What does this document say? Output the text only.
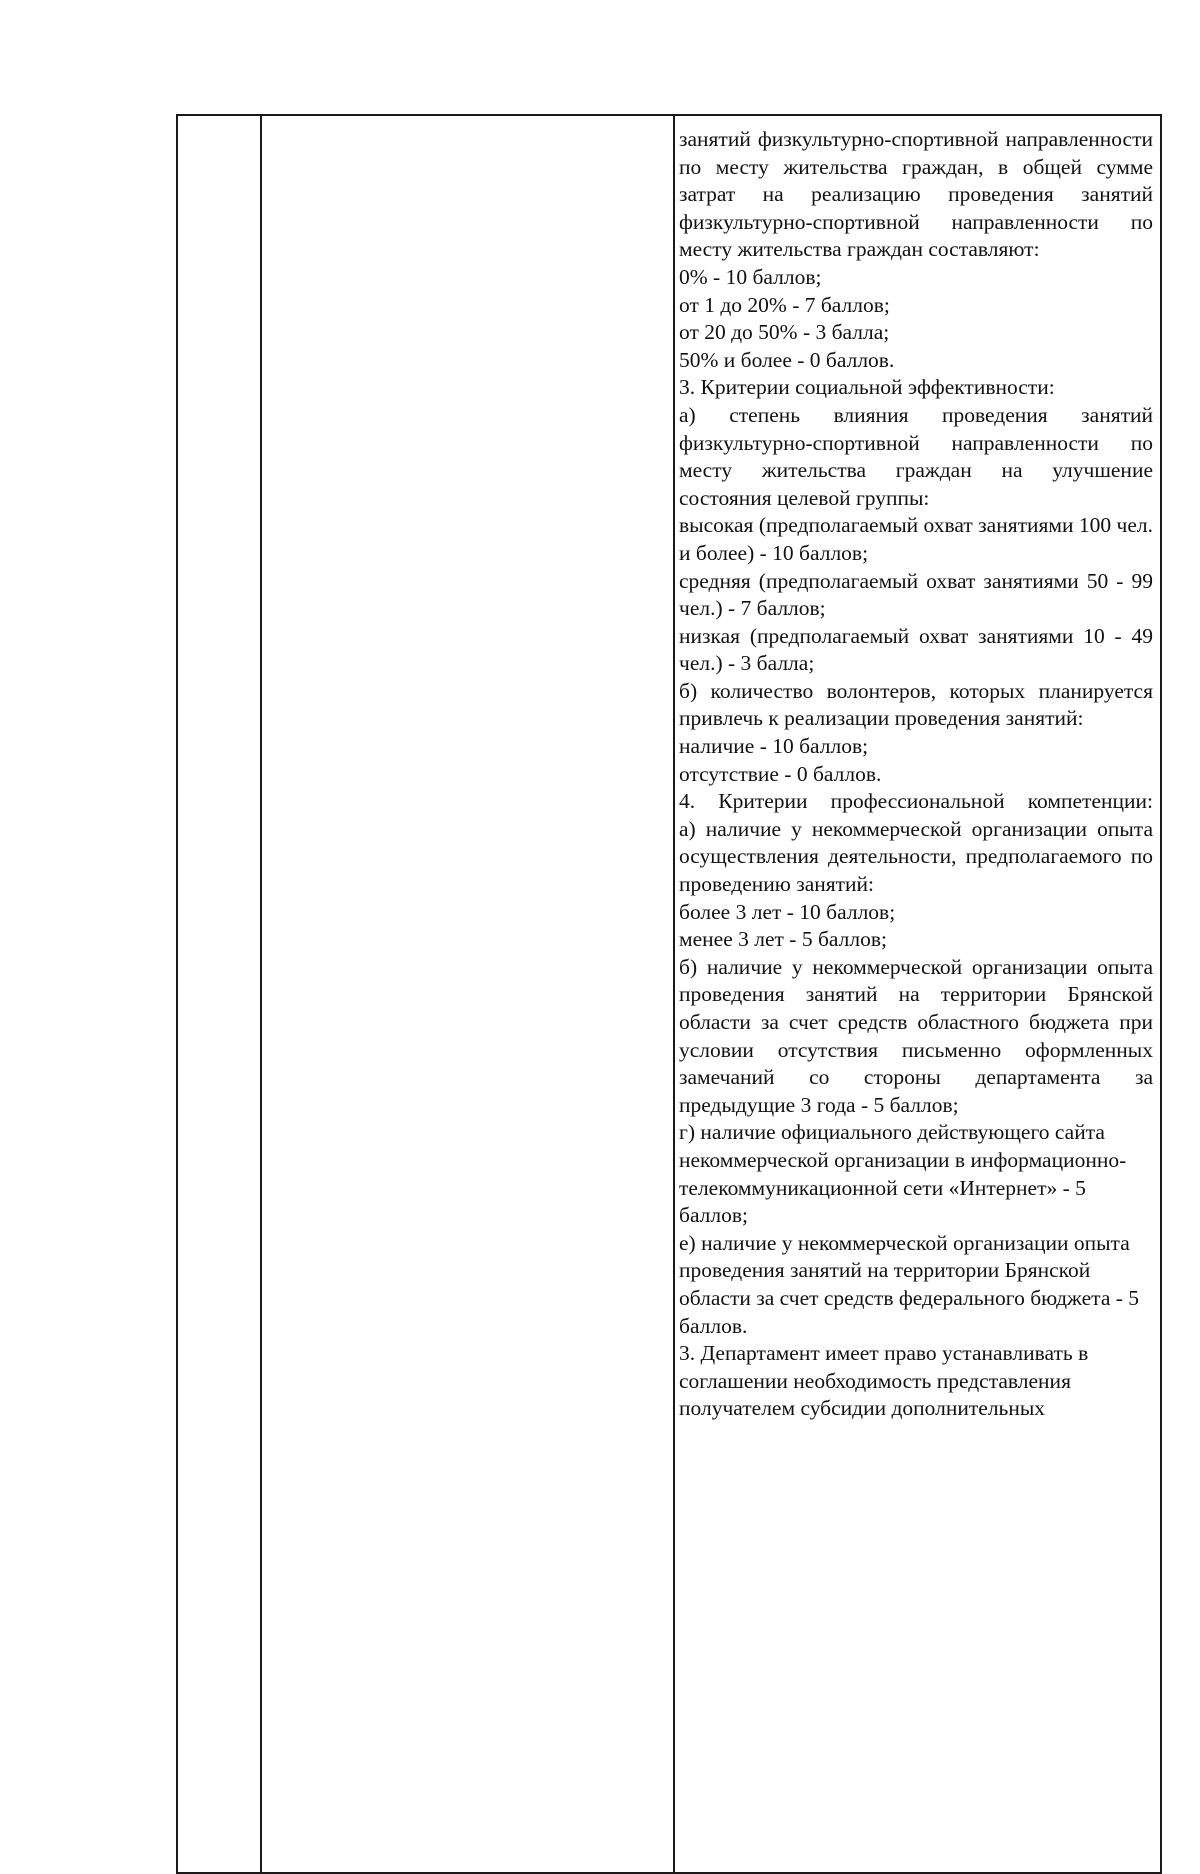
занятий физкультурно-спортивной направленности по месту жительства граждан, в общей сумме затрат на реализацию проведения занятий физкультурно-спортивной направленности по месту жительства граждан составляют:

0% - 10 баллов;

от 1 до 20% - 7 баллов;

от 20 до 50% - 3 балла;

50% и более - 0 баллов.

3. Критерии социальной эффективности:

а) степень влияния проведения занятий физкультурно-спортивной направленности по месту жительства граждан на улучшение состояния целевой группы:

высокая (предполагаемый охват занятиями 100 чел. и более) - 10 баллов;

средняя (предполагаемый охват занятиями 50 - 99 чел.) - 7 баллов;

низкая (предполагаемый охват занятиями 10 - 49 чел.) - 3 балла;

б) количество волонтеров, которых планируется привлечь к реализации проведения занятий:

наличие - 10 баллов;

отсутствие - 0 баллов.

4. Критерии профессиональной компетенции:

а) наличие у некоммерческой организации опыта осуществления деятельности, предполагаемого по проведению занятий:

более 3 лет - 10 баллов;

менее 3 лет - 5 баллов;

б) наличие у некоммерческой организации опыта проведения занятий на территории Брянской области за счет средств областного бюджета при условии отсутствия письменно оформленных замечаний со стороны департамента за предыдущие 3 года - 5 баллов;

г) наличие официального действующего сайта некоммерческой организации в информационно-телекоммуникационной сети «Интернет» - 5 баллов;

е) наличие у некоммерческой организации опыта проведения занятий на территории Брянской области за счет средств федерального бюджета - 5 баллов.

3. Департамент имеет право устанавливать в соглашении необходимость представления получателем субсидии дополнительных
